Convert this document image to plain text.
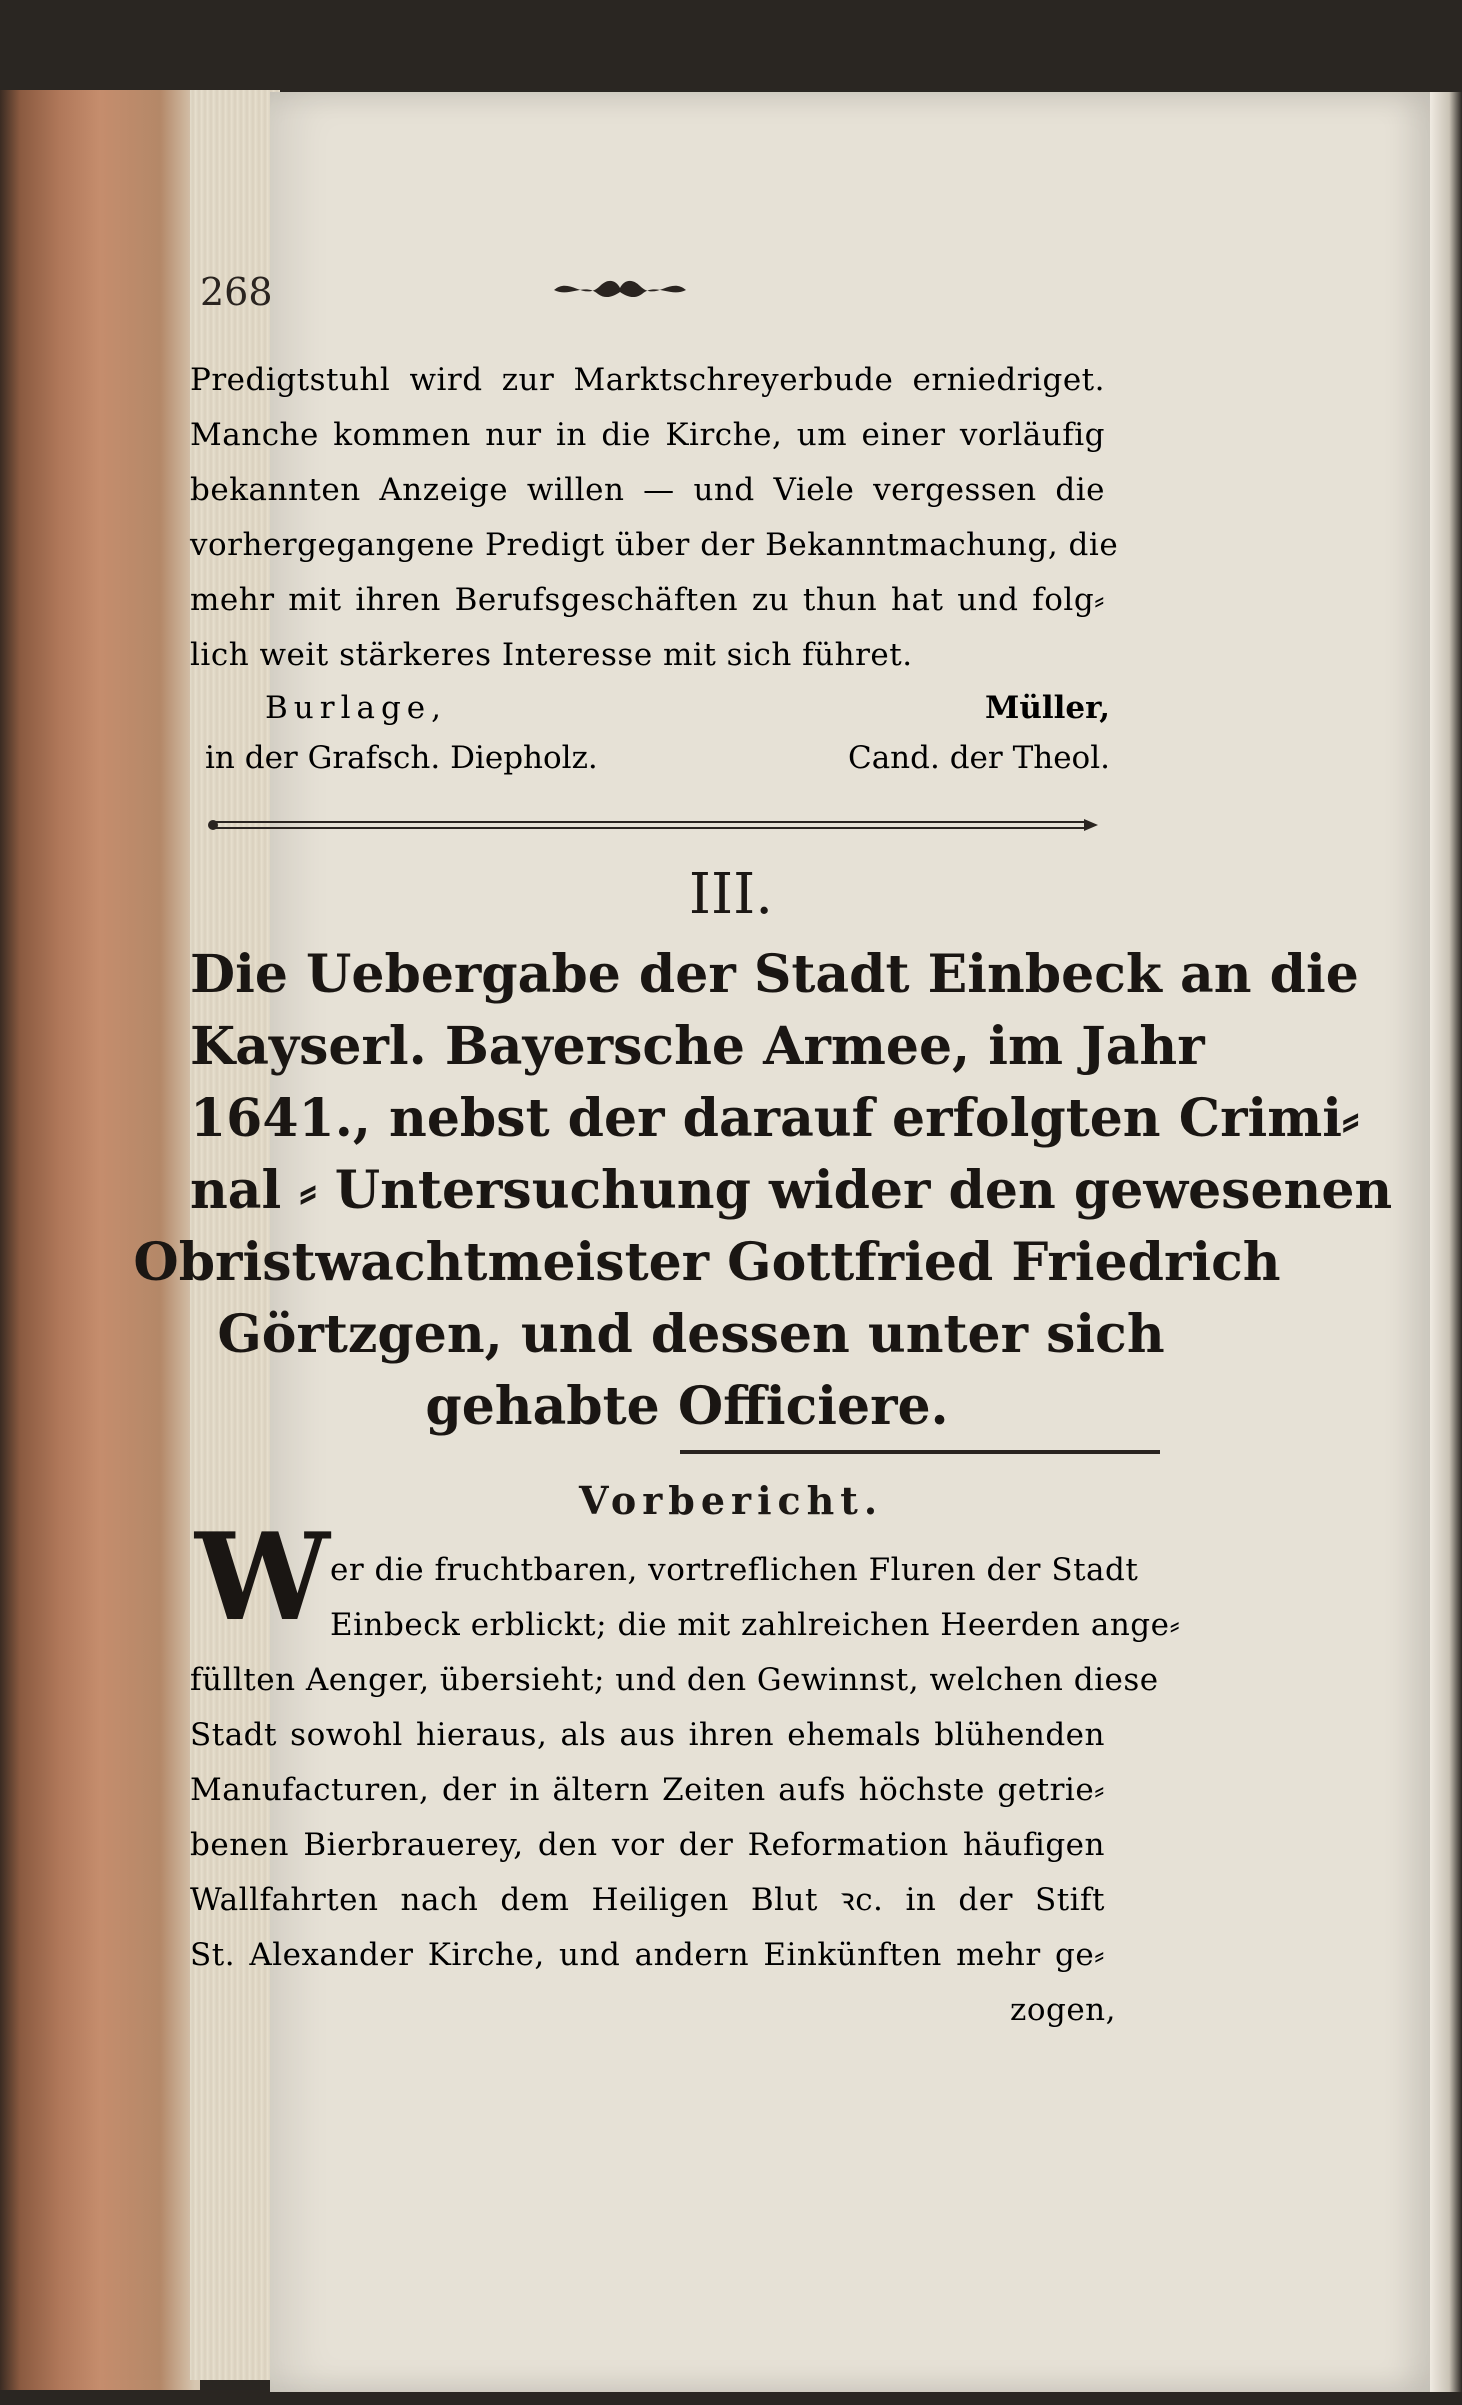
268
Predigtstuhl wird zur Marktschreyerbude erniedriget.
Manche kommen nur in die Kirche, um einer vorläufig
bekannten Anzeige willen — und Viele vergessen die
vorhergegangene Predigt über der Bekanntmachung, die
mehr mit ihren Berufsgeschäften zu thun hat und folg⸗
lich weit stärkeres Interesse mit sich führet.
Burlage,
in der Grafsch. Diepholz.
Müller,
Cand. der Theol.
III.
Die Uebergabe der Stadt Einbeck an die
Kayserl. Bayersche Armee, im Jahr
1641., nebst der darauf erfolgten Crimi⸗
nal ⸗ Untersuchung wider den gewesenen
Obristwachtmeister Gottfried Friedrich
Görtzgen, und dessen unter sich
gehabte Officiere.
Vorbericht.
W er die fruchtbaren, vortreflichen Fluren der Stadt
Einbeck erblickt; die mit zahlreichen Heerden ange⸗
füllten Aenger, übersieht; und den Gewinnst, welchen diese
Stadt sowohl hieraus, als aus ihren ehemals blühenden
Manufacturen, der in ältern Zeiten aufs höchste getrie⸗
benen Bierbrauerey, den vor der Reformation häufigen
Wallfahrten nach dem Heiligen Blut ꝛc. in der Stift
St. Alexander Kirche, und andern Einkünften mehr ge⸗
zogen,
